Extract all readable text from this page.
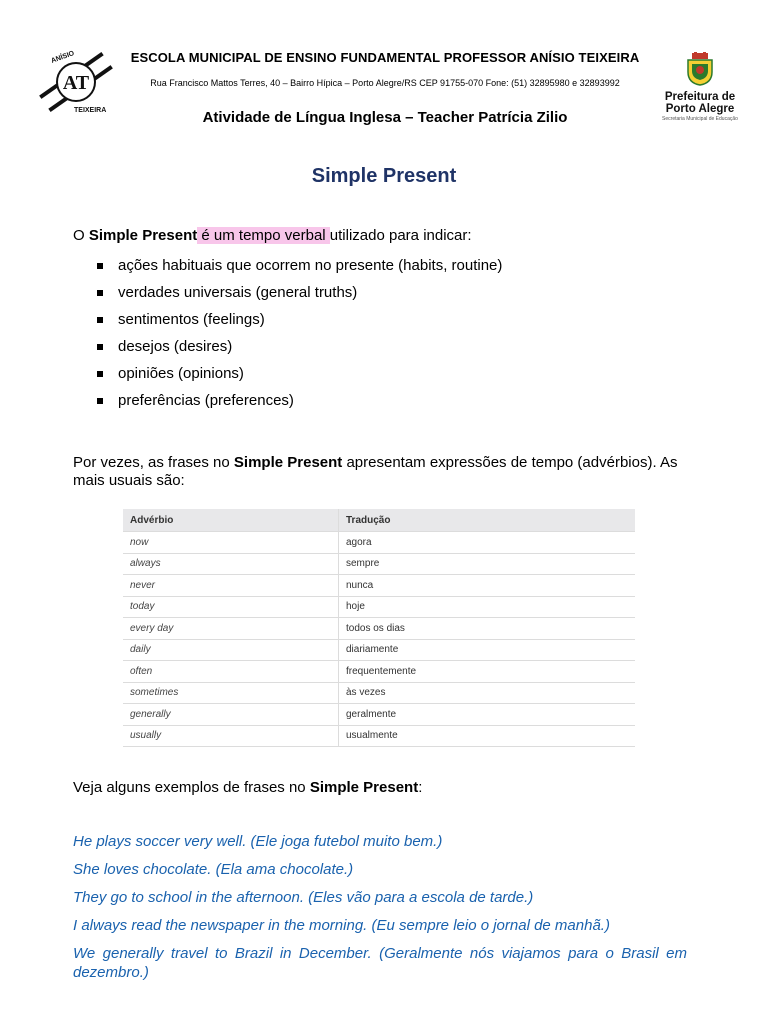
AT
ANÍSIO
TEIXEIRA
ESCOLA MUNICIPAL DE ENSINO FUNDAMENTAL PROFESSOR ANÍSIO TEIXEIRA
Rua Francisco Mattos Terres, 40 – Bairro Hípica – Porto Alegre/RS CEP 91755-070 Fone: (51) 32895980 e 32893992
Atividade de Língua Inglesa – Teacher Patrícia Zilio
Prefeitura de
Porto Alegre
Secretaria Municipal de Educação
Simple Present
O Simple Present é um tempo verbal utilizado para indicar:
ações habituais que ocorrem no presente (habits, routine)
verdades universais (general truths)
sentimentos (feelings)
desejos (desires)
opiniões (opinions)
preferências (preferences)
Por vezes, as frases no Simple Present apresentam expressões de tempo (advérbios). As mais usuais são:
Advérbio	Tradução
now	agora
always	sempre
never	nunca
today	hoje
every day	todos os dias
daily	diariamente
often	frequentemente
sometimes	às vezes
generally	geralmente
usually	usualmente
Veja alguns exemplos de frases no Simple Present:

He plays soccer very well. (Ele joga futebol muito bem.)

She loves chocolate. (Ela ama chocolate.)

They go to school in the afternoon. (Eles vão para a escola de tarde.)

I always read the newspaper in the morning. (Eu sempre leio o jornal de manhã.)

We generally travel to Brazil in December. (Geralmente nós viajamos para o Brasil em dezembro.)
